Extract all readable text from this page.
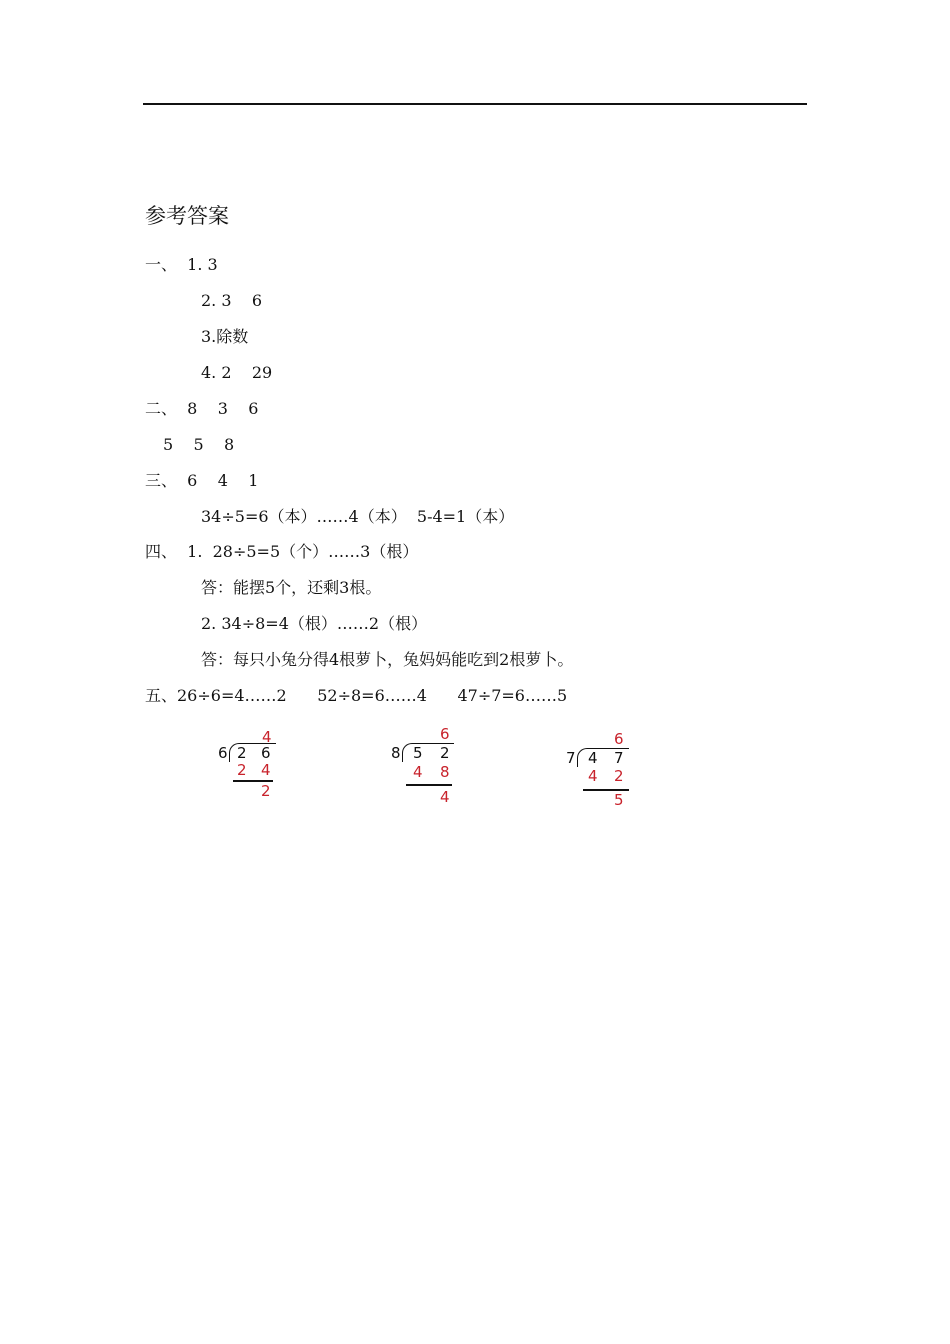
参考答案
一、  1. 3
2. 3    6
3.除数
4. 2    29
二、  8    3    6
5    5    8
三、  6    4    1
34÷5=6（本）……4（本）  5-4=1（本）
四、  1.  28÷5=5（个）……3（根）
答：能摆5个，还剩3根。
2. 34÷8=4（根）……2（根）
答：每只小兔分得4根萝卜，兔妈妈能吃到2根萝卜。
五、26÷6=4……2      52÷8=6……4      47÷7=6……5
4
6 2 6
2 4
2
6
8 5 2
4 8
4
6
7 4 7
4 2
5
